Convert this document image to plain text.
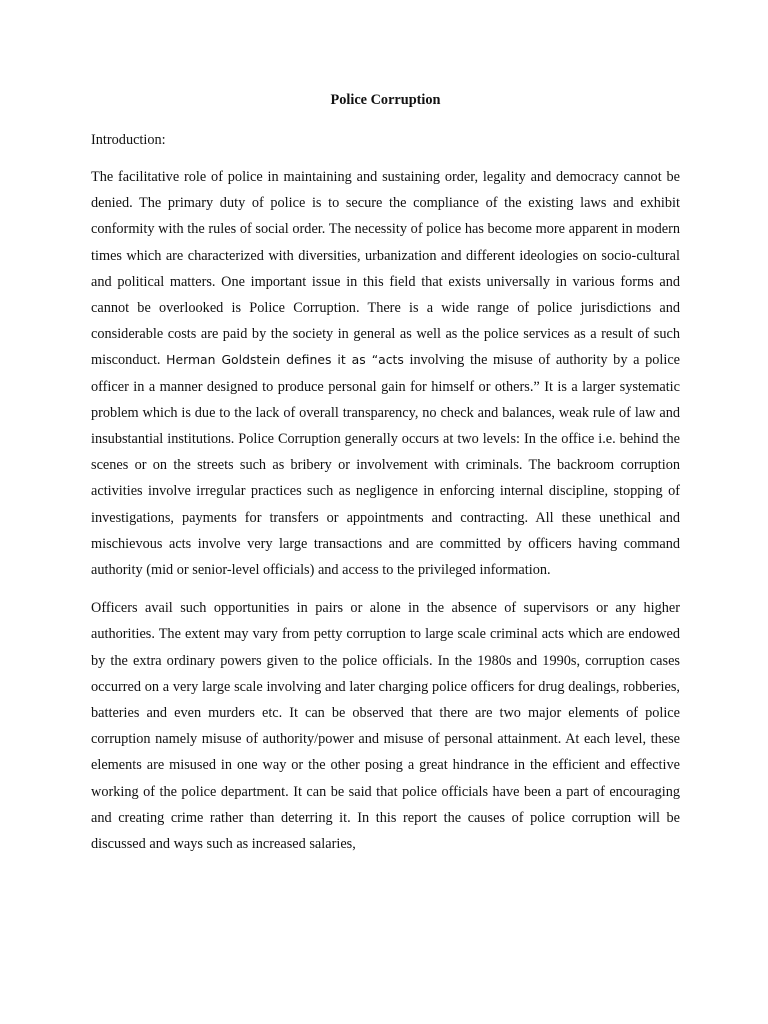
Police Corruption

Introduction:

The facilitative role of police in maintaining and sustaining order, legality and democracy cannot be denied. The primary duty of police is to secure the compliance of the existing laws and exhibit conformity with the rules of social order. The necessity of police has become more apparent in modern times which are characterized with diversities, urbanization and different ideologies on socio-cultural and political matters. One important issue in this field that exists universally in various forms and cannot be overlooked is Police Corruption. There is a wide range of police jurisdictions and considerable costs are paid by the society in general as well as the police services as a result of such misconduct. Herman Goldstein defines it as “acts involving the misuse of authority by a police officer in a manner designed to produce personal gain for himself or others.” It is a larger systematic problem which is due to the lack of overall transparency, no check and balances, weak rule of law and insubstantial institutions. Police Corruption generally occurs at two levels: In the office i.e. behind the scenes or on the streets such as bribery or involvement with criminals. The backroom corruption activities involve irregular practices such as negligence in enforcing internal discipline, stopping of investigations, payments for transfers or appointments and contracting. All these unethical and mischievous acts involve very large transactions and are committed by officers having command authority (mid or senior-level officials) and access to the privileged information.

Officers avail such opportunities in pairs or alone in the absence of supervisors or any higher authorities. The extent may vary from petty corruption to large scale criminal acts which are endowed by the extra ordinary powers given to the police officials. In the 1980s and 1990s, corruption cases occurred on a very large scale involving and later charging police officers for drug dealings, robberies, batteries and even murders etc. It can be observed that there are two major elements of police corruption namely misuse of authority/power and misuse of personal attainment. At each level, these elements are misused in one way or the other posing a great hindrance in the efficient and effective working of the police department. It can be said that police officials have been a part of encouraging and creating crime rather than deterring it. In this report the causes of police corruption will be discussed and ways such as increased salaries,
